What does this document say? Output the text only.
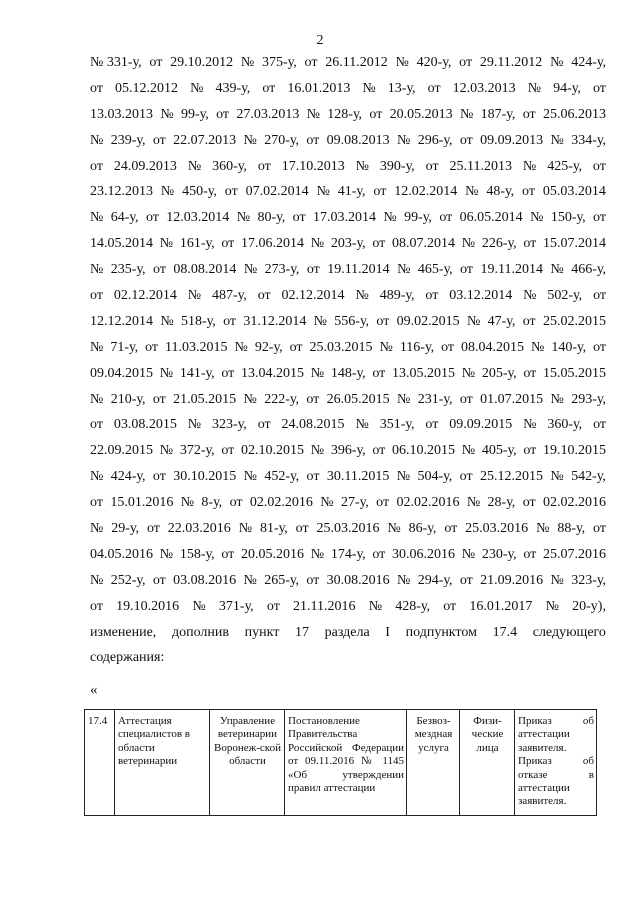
2
№ 331-у, от 29.10.2012 № 375-у, от 26.11.2012 № 420-у, от 29.11.2012 № 424-у,
от 05.12.2012 № 439-у, от 16.01.2013 № 13-у, от 12.03.2013 № 94-у, от
13.03.2013 № 99-у, от 27.03.2013 № 128-у, от 20.05.2013 № 187-у, от 25.06.2013
№ 239-у, от 22.07.2013 № 270-у, от 09.08.2013 № 296-у, от 09.09.2013 № 334-у,
от 24.09.2013 № 360-у, от 17.10.2013 № 390-у, от 25.11.2013 № 425-у, от
23.12.2013 № 450-у, от 07.02.2014 № 41-у, от 12.02.2014 № 48-у, от 05.03.2014
№ 64-у, от 12.03.2014 № 80-у, от 17.03.2014 № 99-у, от 06.05.2014 № 150-у, от
14.05.2014 № 161-у, от 17.06.2014 № 203-у, от 08.07.2014 № 226-у, от 15.07.2014
№ 235-у, от 08.08.2014 № 273-у, от 19.11.2014 № 465-у, от 19.11.2014 № 466-у,
от 02.12.2014 № 487-у, от 02.12.2014 № 489-у, от 03.12.2014 № 502-у, от
12.12.2014 № 518-у, от 31.12.2014 № 556-у, от 09.02.2015 № 47-у, от 25.02.2015
№ 71-у, от 11.03.2015 № 92-у, от 25.03.2015 № 116-у, от 08.04.2015 № 140-у, от
09.04.2015 № 141-у, от 13.04.2015 № 148-у, от 13.05.2015 № 205-у, от 15.05.2015
№ 210-у, от 21.05.2015 № 222-у, от 26.05.2015 № 231-у, от 01.07.2015 № 293-у,
от 03.08.2015 № 323-у, от 24.08.2015 № 351-у, от 09.09.2015 № 360-у, от
22.09.2015 № 372-у, от 02.10.2015 № 396-у, от 06.10.2015 № 405-у, от 19.10.2015
№ 424-у, от 30.10.2015 № 452-у, от 30.11.2015 № 504-у, от 25.12.2015 № 542-у,
от 15.01.2016 № 8-у, от 02.02.2016 № 27-у, от 02.02.2016 № 28-у, от 02.02.2016
№ 29-у, от 22.03.2016 № 81-у, от 25.03.2016 № 86-у, от 25.03.2016 № 88-у, от
04.05.2016 № 158-у, от 20.05.2016 № 174-у, от 30.06.2016 № 230-у, от 25.07.2016
№ 252-у, от 03.08.2016 № 265-у, от 30.08.2016 № 294-у, от 21.09.2016 № 323-у,
от 19.10.2016 № 371-у, от 21.11.2016 № 428-у, от 16.01.2017 № 20-у),
изменение, дополнив пункт 17 раздела I подпунктом 17.4 следующего
содержания:
«
17.4	Аттестация специалистов в области ветеринарии	Управление ветеринарии Воронеж-ской области	Постановление Правительства Российской Федерации от 09.11.2016 № 1145 «Об утверждении правил аттестации	Безвоз-мездная услуга	Физи-ческие лица	Приказ об аттестации заявителя. Приказ об отказе в аттестации заявителя.
